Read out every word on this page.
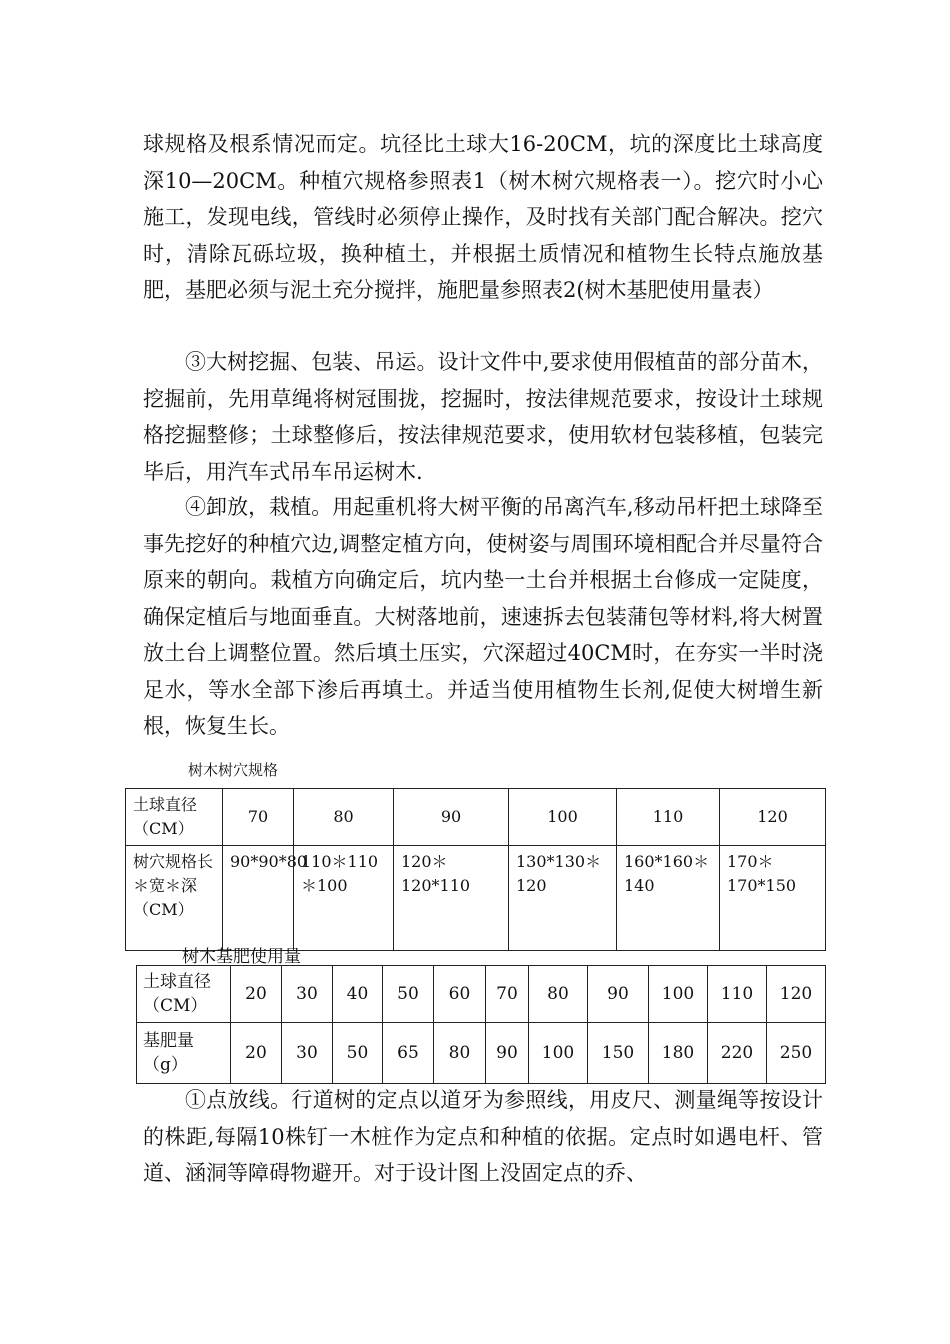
球规格及根系情况而定。坑径比土球大16-20CM，坑的深度比土球高度深10—20CM。种植穴规格参照表1（树木树穴规格表一）。挖穴时小心施工，发现电线，管线时必须停止操作，及时找有关部门配合解决。挖穴时，清除瓦砾垃圾，换种植土，并根据土质情况和植物生长特点施放基肥，基肥必须与泥土充分搅拌，施肥量参照表2(树木基肥使用量表）

③大树挖掘、包装、吊运。设计文件中,要求使用假植苗的部分苗木，挖掘前，先用草绳将树冠围拢，挖掘时，按法律规范要求，按设计土球规格挖掘整修；土球整修后，按法律规范要求，使用软材包装移植，包装完毕后，用汽车式吊车吊运树木.

④卸放，栽植。用起重机将大树平衡的吊离汽车,移动吊杆把土球降至事先挖好的种植穴边,调整定植方向，使树姿与周围环境相配合并尽量符合原来的朝向。栽植方向确定后，坑内垫一土台并根据土台修成一定陡度，确保定植后与地面垂直。大树落地前，速速拆去包装蒲包等材料,将大树置放土台上调整位置。然后填土压实，穴深超过40CM时，在夯实一半时浇足水，等水全部下渗后再填土。并适当使用植物生长剂,促使大树增生新根，恢复生长。

树木树穴规格

土球直径（CM）	70	80	90	100	110	120
树穴规格长＊宽＊深（CM）	90*90*80	110＊110＊100	120＊120*110	130*130＊120	160*160＊140	170＊170*150

树木基肥使用量

土球直径（CM）	20	30	40	50	60	70	80	90	100	110	120
基肥量（g）	20	30	50	65	80	90	100	150	180	220	250

①点放线。行道树的定点以道牙为参照线，用皮尺、测量绳等按设计的株距,每隔10株钉一木桩作为定点和种植的依据。定点时如遇电杆、管道、涵洞等障碍物避开。对于设计图上没固定点的乔、
